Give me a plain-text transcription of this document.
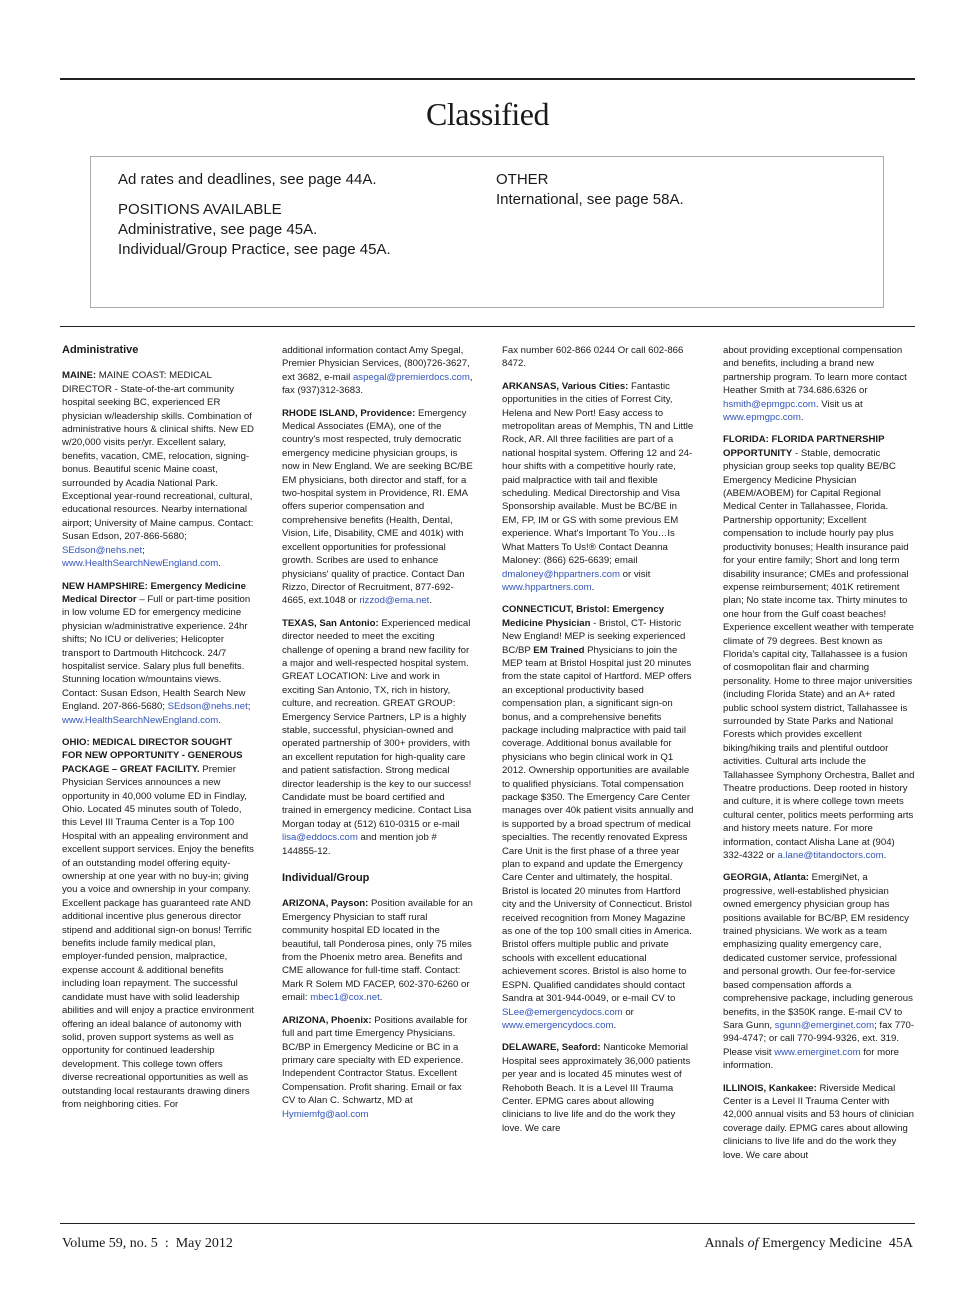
Classified

Ad rates and deadlines, see page 44A.

POSITIONS AVAILABLE

Administrative, see page 45A.

Individual/Group Practice, see page 45A.

OTHER

International, see page 58A.

Administrative

MAINE: MAINE COAST: MEDICAL DIRECTOR - State-of-the-art community hospital seeking BC, experienced ER physician w/leadership skills. Combination of administrative hours & clinical shifts. New ED w/20,000 visits per/yr. Excellent salary, benefits, vacation, CME, relocation, signing-bonus. Beautiful scenic Maine coast, surrounded by Acadia National Park. Exceptional year-round recreational, cultural, educational resources. Nearby international airport; University of Maine campus. Contact: Susan Edson, 207-866-5680; SEdson@nehs.net; www.HealthSearchNewEngland.com.

NEW HAMPSHIRE: Emergency Medicine Medical Director – Full or part-time position in low volume ED for emergency medicine physician w/administrative experience. 24hr shifts; No ICU or deliveries; Helicopter transport to Dartmouth Hitchcock. 24/7 hospitalist service. Salary plus full benefits. Stunning location w/mountains views. Contact: Susan Edson, Health Search New England. 207-866-5680; SEdson@nehs.net; www.HealthSearchNewEngland.com.

OHIO: MEDICAL DIRECTOR SOUGHT FOR NEW OPPORTUNITY - GENEROUS PACKAGE – GREAT FACILITY. Premier Physician Services announces a new opportunity in 40,000 volume ED in Findlay, Ohio. Located 45 minutes south of Toledo, this Level III Trauma Center is a Top 100 Hospital with an appealing environment and excellent support services. Enjoy the benefits of an outstanding model offering equity-ownership at one year with no buy-in; giving you a voice and ownership in your company. Excellent package has guaranteed rate AND additional incentive plus generous director stipend and additional sign-on bonus! Terrific benefits include family medical plan, employer-funded pension, malpractice, expense account & additional benefits including loan repayment. The successful candidate must have with solid leadership abilities and will enjoy a practice environment offering an ideal balance of autonomy with solid, proven support systems as well as opportunity for continued leadership development. This college town offers diverse recreational opportunities as well as outstanding local restaurants drawing diners from neighboring cities. For

additional information contact Amy Spegal, Premier Physician Services, (800)726-3627, ext 3682, e-mail aspegal@premierdocs.com, fax (937)312-3683.

RHODE ISLAND, Providence: Emergency Medical Associates (EMA), one of the country's most respected, truly democratic emergency medicine physician groups, is now in New England. We are seeking BC/BE EM physicians, both director and staff, for a two-hospital system in Providence, RI. EMA offers superior compensation and comprehensive benefits (Health, Dental, Vision, Life, Disability, CME and 401k) with excellent opportunities for professional growth. Scribes are used to enhance physicians' quality of practice. Contact Dan Rizzo, Director of Recruitment, 877-692-4665, ext.1048 or rizzod@ema.net.

TEXAS, San Antonio: Experienced medical director needed to meet the exciting challenge of opening a brand new facility for a major and well-respected hospital system. GREAT LOCATION: Live and work in exciting San Antonio, TX, rich in history, culture, and recreation. GREAT GROUP: Emergency Service Partners, LP is a highly stable, successful, physician-owned and operated partnership of 300+ providers, with an excellent reputation for high-quality care and patient satisfaction. Strong medical director leadership is the key to our success! Candidate must be board certified and trained in emergency medicine. Contact Lisa Morgan today at (512) 610-0315 or e-mail lisa@eddocs.com and mention job # 144855-12.

Individual/Group

ARIZONA, Payson: Position available for an Emergency Physician to staff rural community hospital ED located in the beautiful, tall Ponderosa pines, only 75 miles from the Phoenix metro area. Benefits and CME allowance for full-time staff. Contact: Mark R Solem MD FACEP, 602-370-6260 or email: mbec1@cox.net.

ARIZONA, Phoenix: Positions available for full and part time Emergency Physicians. BC/BP in Emergency Medicine or BC in a primary care specialty with ED experience. Independent Contractor Status. Excellent Compensation. Profit sharing. Email or fax CV to Alan C. Schwartz, MD at Hymiemfg@aol.com

Fax number 602-866 0244 Or call 602-866 8472.

ARKANSAS, Various Cities: Fantastic opportunities in the cities of Forrest City, Helena and New Port! Easy access to metropolitan areas of Memphis, TN and Little Rock, AR. All three facilities are part of a national hospital system. Offering 12 and 24-hour shifts with a competitive hourly rate, paid malpractice with tail and flexible scheduling. Medical Directorship and Visa Sponsorship available. Must be BC/BE in EM, FP, IM or GS with some previous EM experience. What's Important To You…Is What Matters To Us!® Contact Deanna Maloney: (866) 625-6639; email dmaloney@hppartners.com or visit www.hppartners.com.

CONNECTICUT, Bristol: Emergency Medicine Physician - Bristol, CT- Historic New England! MEP is seeking experienced BC/BP EM Trained Physicians to join the MEP team at Bristol Hospital just 20 minutes from the state capitol of Hartford. MEP offers an exceptional productivity based compensation plan, a significant sign-on bonus, and a comprehensive benefits package including malpractice with paid tail coverage. Additional bonus available for physicians who begin clinical work in Q1 2012. Ownership opportunities are available to qualified physicians. Total compensation package $350. The Emergency Care Center manages over 40k patient visits annually and is supported by a broad spectrum of medical specialties. The recently renovated Express Care Unit is the first phase of a three year plan to expand and update the Emergency Care Center and ultimately, the hospital. Bristol is located 20 minutes from Hartford city and the University of Connecticut. Bristol received recognition from Money Magazine as one of the top 100 small cities in America. Bristol offers multiple public and private schools with excellent educational achievement scores. Bristol is also home to ESPN. Qualified candidates should contact Sandra at 301-944-0049, or e-mail CV to SLee@emergencydocs.com or www.emergencydocs.com.

DELAWARE, Seaford: Nanticoke Memorial Hospital sees approximately 36,000 patients per year and is located 45 minutes west of Rehoboth Beach. It is a Level III Trauma Center. EPMG cares about allowing clinicians to live life and do the work they love. We care

about providing exceptional compensation and benefits, including a brand new partnership program. To learn more contact Heather Smith at 734.686.6326 or hsmith@epmgpc.com. Visit us at www.epmgpc.com.

FLORIDA: FLORIDA PARTNERSHIP OPPORTUNITY - Stable, democratic physician group seeks top quality BE/BC Emergency Medicine Physician (ABEM/AOBEM) for Capital Regional Medical Center in Tallahassee, Florida. Partnership opportunity; Excellent compensation to include hourly pay plus productivity bonuses; Health insurance paid for your entire family; Short and long term disability insurance; CMEs and professional expense reimbursement; 401K retirement plan; No state income tax. Thirty minutes to one hour from the Gulf coast beaches! Experience excellent weather with temperate climate of 79 degrees. Best known as Florida's capital city, Tallahassee is a fusion of cosmopolitan flair and charming personality. Home to three major universities (including Florida State) and an A+ rated public school system district, Tallahassee is surrounded by State Parks and National Forests which provides excellent biking/hiking trails and plentiful outdoor activities. Cultural arts include the Tallahassee Symphony Orchestra, Ballet and Theatre productions. Deep rooted in history and culture, it is where college town meets cultural center, politics meets performing arts and history meets nature. For more information, contact Alisha Lane at (904) 332-4322 or a.lane@titandoctors.com.

GEORGIA, Atlanta: EmergiNet, a progressive, well-established physician owned emergency physician group has positions available for BC/BP, EM residency trained physicians. We work as a team emphasizing quality emergency care, dedicated customer service, professional and personal growth. Our fee-for-service based compensation affords a comprehensive package, including generous benefits, in the $350K range. E-mail CV to Sara Gunn, sgunn@emerginet.com; fax 770-994-4747; or call 770-994-9326, ext. 319. Please visit www.emerginet.com for more information.

ILLINOIS, Kankakee: Riverside Medical Center is a Level II Trauma Center with 42,000 annual visits and 53 hours of clinician coverage daily. EPMG cares about allowing clinicians to live life and do the work they love. We care about

Volume 59, no. 5 : May 2012	Annals of Emergency Medicine 45A
